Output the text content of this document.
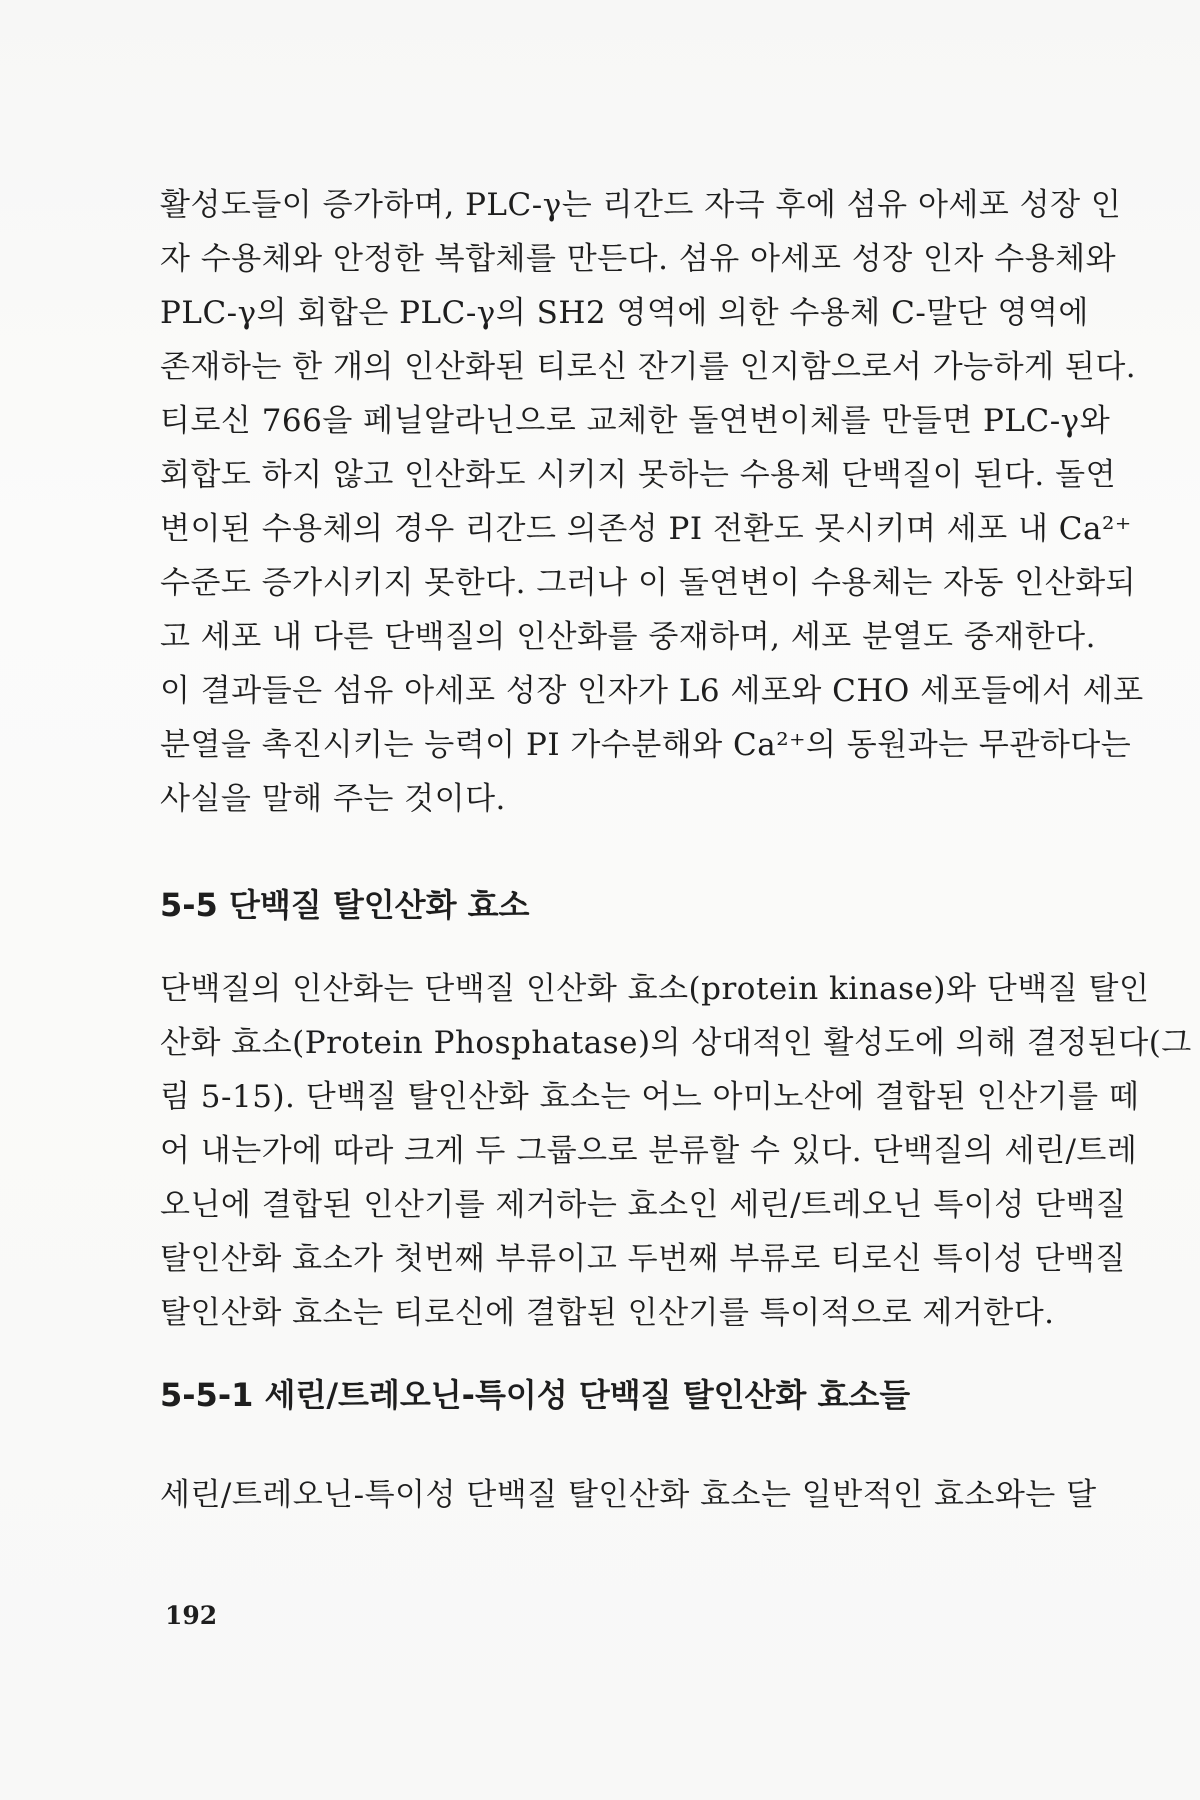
활성도들이 증가하며, PLC-γ는 리간드 자극 후에 섬유 아세포 성장 인
자 수용체와 안정한 복합체를 만든다. 섬유 아세포 성장 인자 수용체와
PLC-γ의 회합은 PLC-γ의 SH2 영역에 의한 수용체 C-말단 영역에
존재하는 한 개의 인산화된 티로신 잔기를 인지함으로서 가능하게 된다.
티로신 766을 페닐알라닌으로 교체한 돌연변이체를 만들면 PLC-γ와
회합도 하지 않고 인산화도 시키지 못하는 수용체 단백질이 된다. 돌연
변이된 수용체의 경우 리간드 의존성 PI 전환도 못시키며 세포 내 Ca²⁺
수준도 증가시키지 못한다. 그러나 이 돌연변이 수용체는 자동 인산화되
고 세포 내 다른 단백질의 인산화를 중재하며, 세포 분열도 중재한다.
이 결과들은 섬유 아세포 성장 인자가 L6 세포와 CHO 세포들에서 세포
분열을 촉진시키는 능력이 PI 가수분해와 Ca²⁺의 동원과는 무관하다는
사실을 말해 주는 것이다.
5-5 단백질 탈인산화 효소
단백질의 인산화는 단백질 인산화 효소(protein kinase)와 단백질 탈인
산화 효소(Protein Phosphatase)의 상대적인 활성도에 의해 결정된다(그
림 5-15). 단백질 탈인산화 효소는 어느 아미노산에 결합된 인산기를 떼
어 내는가에 따라 크게 두 그룹으로 분류할 수 있다. 단백질의 세린/트레
오닌에 결합된 인산기를 제거하는 효소인 세린/트레오닌 특이성 단백질
탈인산화 효소가 첫번째 부류이고 두번째 부류로 티로신 특이성 단백질
탈인산화 효소는 티로신에 결합된 인산기를 특이적으로 제거한다.
5-5-1 세린/트레오닌-특이성 단백질 탈인산화 효소들
세린/트레오닌-특이성 단백질 탈인산화 효소는 일반적인 효소와는 달
192
